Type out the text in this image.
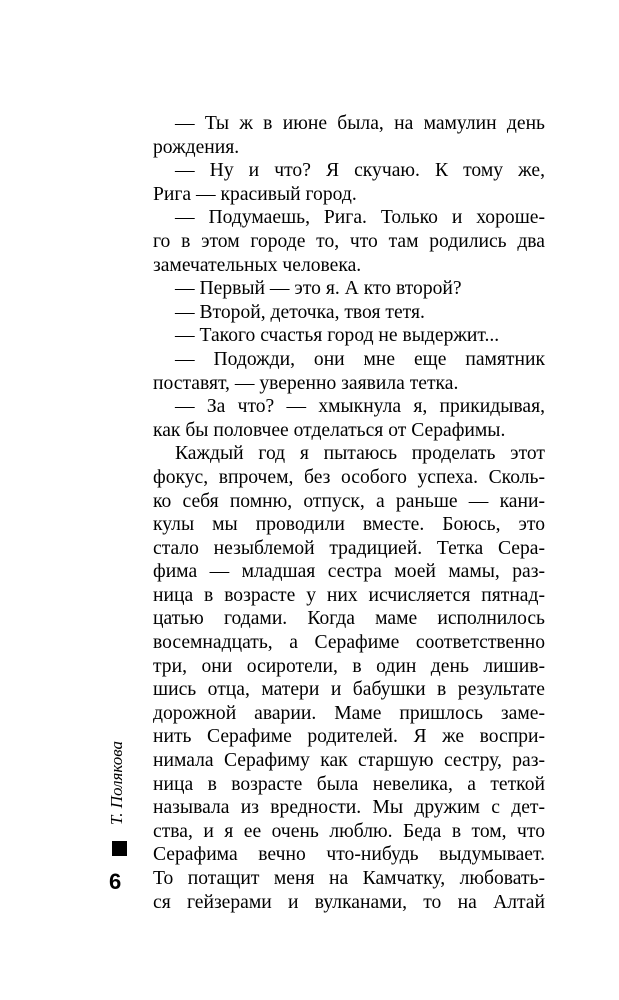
— Ты ж в июне была, на мамулин день
рождения.
— Ну и что? Я скучаю. К тому же,
Рига — красивый город.
— Подумаешь, Рига. Только и хороше-
го в этом городе то, что там родились два
замечательных человека.
— Первый — это я. А кто второй?
— Второй, деточка, твоя тетя.
— Такого счастья город не выдержит...
— Подожди, они мне еще памятник
поставят, — уверенно заявила тетка.
— За что? — хмыкнула я, прикидывая,
как бы половчее отделаться от Серафимы.
Каждый год я пытаюсь проделать этот
фокус, впрочем, без особого успеха. Сколь-
ко себя помню, отпуск, а раньше — кани-
кулы мы проводили вместе. Боюсь, это
стало незыблемой традицией. Тетка Сера-
фима — младшая сестра моей мамы, раз-
ница в возрасте у них исчисляется пятнад-
цатью годами. Когда маме исполнилось
восемнадцать, а Серафиме соответственно
три, они осиротели, в один день лишив-
шись отца, матери и бабушки в результате
дорожной аварии. Маме пришлось заме-
нить Серафиме родителей. Я же воспри-
нимала Серафиму как старшую сестру, раз-
ница в возрасте была невелика, а теткой
называла из вредности. Мы дружим с дет-
ства, и я ее очень люблю. Беда в том, что
Серафима вечно что-нибудь выдумывает.
То потащит меня на Камчатку, любовать-
ся гейзерами и вулканами, то на Алтай
Т. Полякова
6
